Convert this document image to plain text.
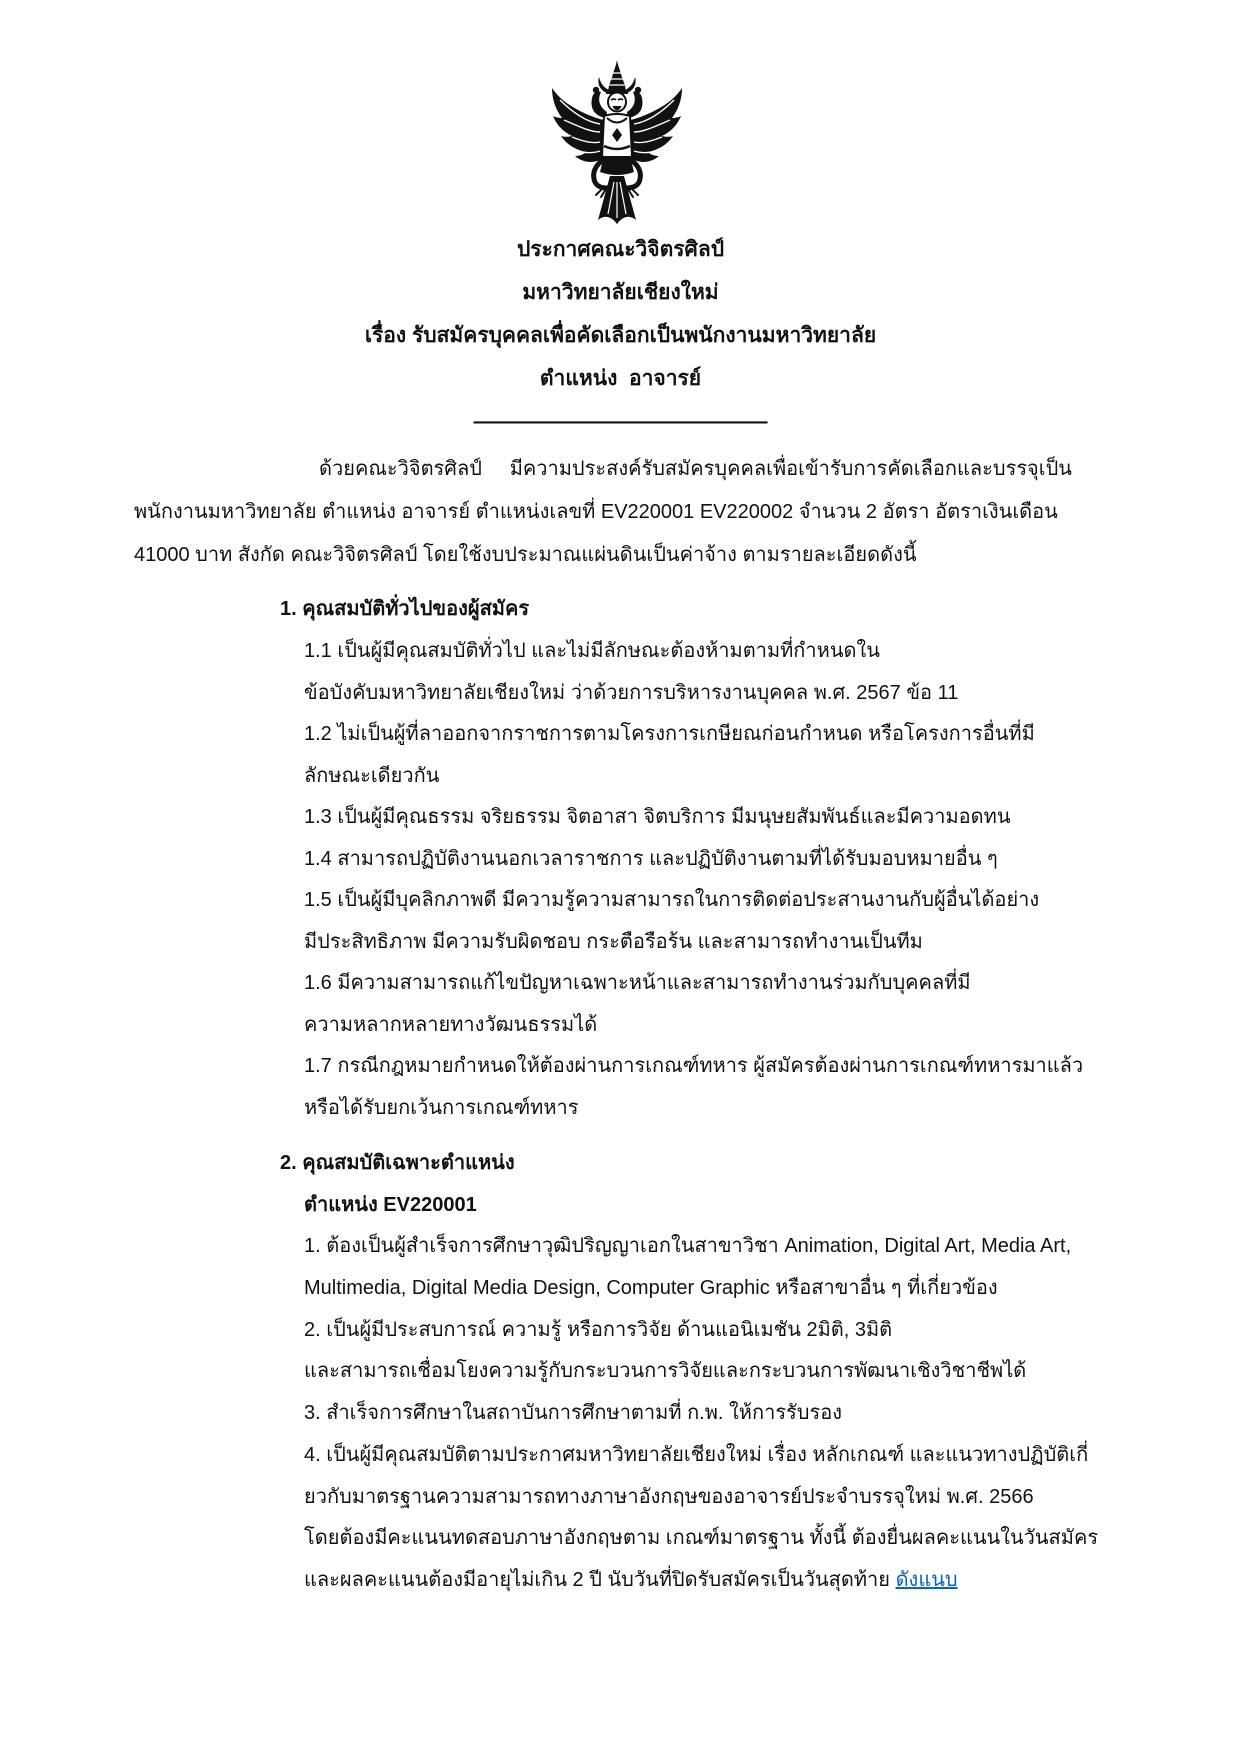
ประกาศคณะวิจิตรศิลป์
มหาวิทยาลัยเชียงใหม่
เรื่อง รับสมัครบุคคลเพื่อคัดเลือกเป็นพนักงานมหาวิทยาลัย
ตำแหน่ง  อาจารย์
——————————————
ด้วยคณะวิจิตรศิลป์     มีความประสงค์รับสมัครบุคคลเพื่อเข้ารับการคัดเลือกและบรรจุเป็น
พนักงานมหาวิทยาลัย ตำแหน่ง อาจารย์ ตำแหน่งเลขที่ EV220001 EV220002 จำนวน 2 อัตรา อัตราเงินเดือน
41000 บาท สังกัด คณะวิจิตรศิลป์ โดยใช้งบประมาณแผ่นดินเป็นค่าจ้าง ตามรายละเอียดดังนี้
1. คุณสมบัติทั่วไปของผู้สมัคร
1.1 เป็นผู้มีคุณสมบัติทั่วไป และไม่มีลักษณะต้องห้ามตามที่กำหนดใน
ข้อบังคับมหาวิทยาลัยเชียงใหม่ ว่าด้วยการบริหารงานบุคคล พ.ศ. 2567 ข้อ 11
1.2 ไม่เป็นผู้ที่ลาออกจากราชการตามโครงการเกษียณก่อนกำหนด หรือโครงการอื่นที่มี
ลักษณะเดียวกัน
1.3 เป็นผู้มีคุณธรรม จริยธรรม จิตอาสา จิตบริการ มีมนุษยสัมพันธ์และมีความอดทน
1.4 สามารถปฏิบัติงานนอกเวลาราชการ และปฏิบัติงานตามที่ได้รับมอบหมายอื่น ๆ
1.5 เป็นผู้มีบุคลิกภาพดี มีความรู้ความสามารถในการติดต่อประสานงานกับผู้อื่นได้อย่าง
มีประสิทธิภาพ มีความรับผิดชอบ กระตือรือร้น และสามารถทำงานเป็นทีม
1.6 มีความสามารถแก้ไขปัญหาเฉพาะหน้าและสามารถทำงานร่วมกับบุคคลที่มี
ความหลากหลายทางวัฒนธรรมได้
1.7 กรณีกฎหมายกำหนดให้ต้องผ่านการเกณฑ์ทหาร ผู้สมัครต้องผ่านการเกณฑ์ทหารมาแล้ว
หรือได้รับยกเว้นการเกณฑ์ทหาร
2. คุณสมบัติเฉพาะตำแหน่ง
ตำแหน่ง EV220001
1. ต้องเป็นผู้สำเร็จการศึกษาวุฒิปริญญาเอกในสาขาวิชา Animation, Digital Art, Media Art,
Multimedia, Digital Media Design, Computer Graphic หรือสาขาอื่น ๆ ที่เกี่ยวข้อง
2. เป็นผู้มีประสบการณ์ ความรู้ หรือการวิจัย ด้านแอนิเมชัน 2มิติ, 3มิติ
และสามารถเชื่อมโยงความรู้กับกระบวนการวิจัยและกระบวนการพัฒนาเชิงวิชาชีพได้
3. สำเร็จการศึกษาในสถาบันการศึกษาตามที่ ก.พ. ให้การรับรอง
4. เป็นผู้มีคุณสมบัติตามประกาศมหาวิทยาลัยเชียงใหม่ เรื่อง หลักเกณฑ์ และแนวทางปฏิบัติเกี่
ยวกับมาตรฐานความสามารถทางภาษาอังกฤษของอาจารย์ประจำบรรจุใหม่ พ.ศ. 2566
โดยต้องมีคะแนนทดสอบภาษาอังกฤษตาม เกณฑ์มาตรฐาน ทั้งนี้ ต้องยื่นผลคะแนนในวันสมัคร
และผลคะแนนต้องมีอายุไม่เกิน 2 ปี นับวันที่ปิดรับสมัครเป็นวันสุดท้าย ดังแนบ
